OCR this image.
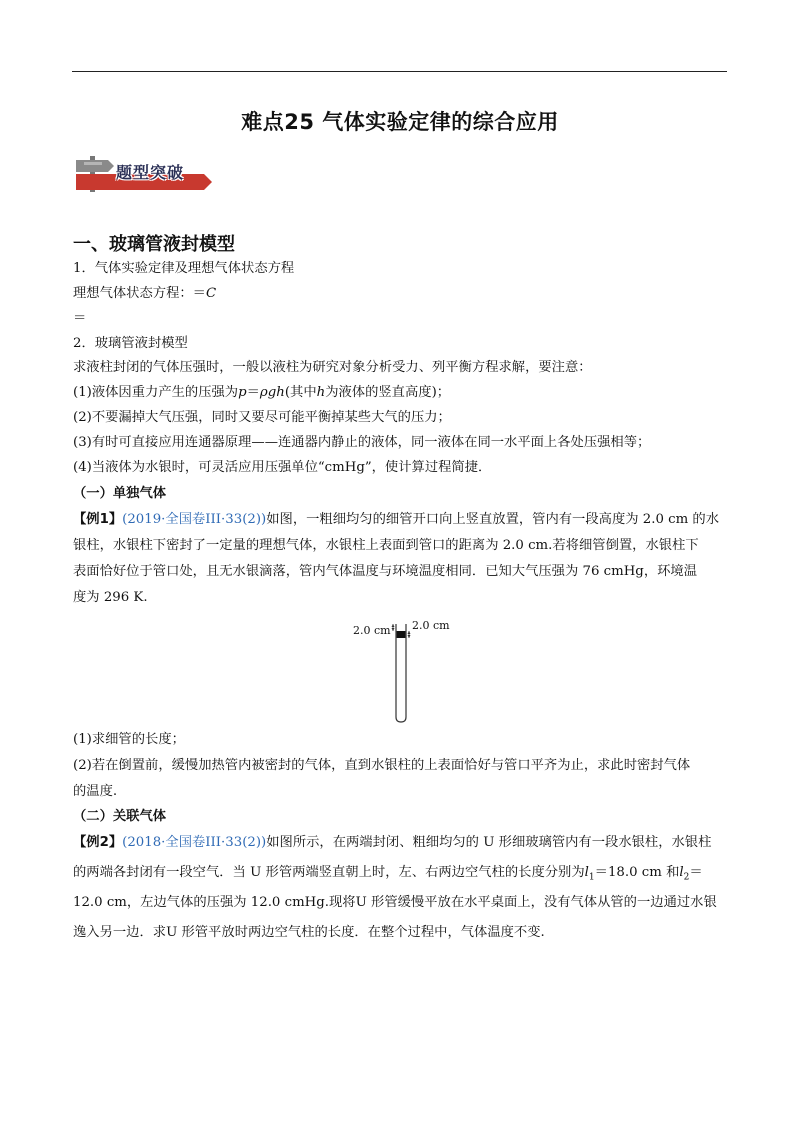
难点25 气体实验定律的综合应用
题型突破
一、玻璃管液封模型
1．气体实验定律及理想气体状态方程
理想气体状态方程：＝C
＝
2．玻璃管液封模型
求液柱封闭的气体压强时，一般以液柱为研究对象分析受力、列平衡方程求解，要注意：
(1)液体因重力产生的压强为p＝ρgh(其中h为液体的竖直高度)；
(2)不要漏掉大气压强，同时又要尽可能平衡掉某些大气的压力；
(3)有时可直接应用连通器原理——连通器内静止的液体，同一液体在同一水平面上各处压强相等；
(4)当液体为水银时，可灵活应用压强单位“cmHg”，使计算过程简捷．
（一）单独气体
【例1】(2019·全国卷III·33(2))如图，一粗细均匀的细管开口向上竖直放置，管内有一段高度为 2.0 cm 的水
银柱，水银柱下密封了一定量的理想气体，水银柱上表面到管口的距离为 2.0 cm.若将细管倒置，水银柱下
表面恰好位于管口处，且无水银滴落，管内气体温度与环境温度相同．已知大气压强为 76 cmHg，环境温
度为 296 K.
2.0 cm 2.0 cm
(1)求细管的长度；
(2)若在倒置前，缓慢加热管内被密封的气体，直到水银柱的上表面恰好与管口平齐为止，求此时密封气体
的温度.
（二）关联气体
【例2】(2018·全国卷III·33(2))如图所示，在两端封闭、粗细均匀的 U 形细玻璃管内有一段水银柱，水银柱
的两端各封闭有一段空气．当 U 形管两端竖直朝上时，左、右两边空气柱的长度分别为$l_1=18.0$ cm 和$l_2=$
12.0 cm，左边气体的压强为 12.0 cmHg.现将U 形管缓慢平放在水平桌面上，没有气体从管的一边通过水银
逸入另一边．求U 形管平放时两边空气柱的长度．在整个过程中，气体温度不变.
